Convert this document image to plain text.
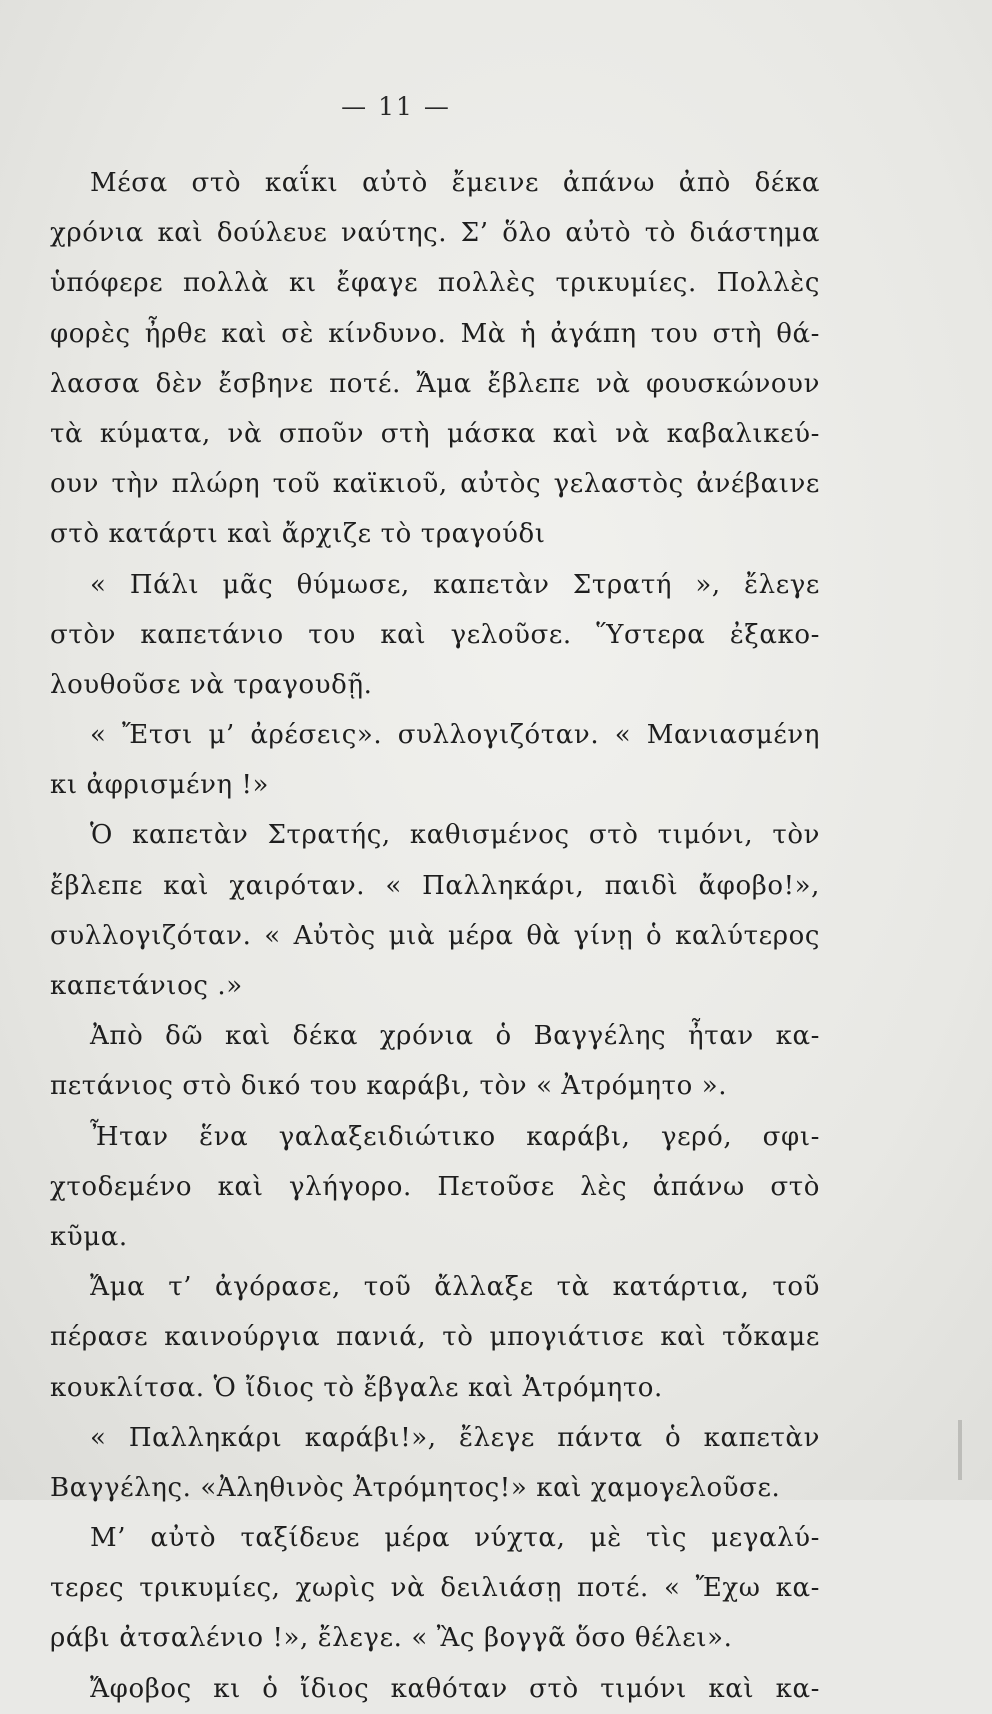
— 11 —
Μέσα στὸ καΐκι αὐτὸ ἔμεινε ἀπάνω ἀπὸ δέκα
χρόνια καὶ δούλευε ναύτης. Σ’ ὅλο αὐτὸ τὸ διάστημα
ὑπόφερε πολλὰ κι ἔφαγε πολλὲς τρικυμίες. Πολλὲς
φορὲς ἦρθε καὶ σὲ κίνδυνο. Μὰ ἡ ἀγάπη του στὴ θά-
λασσα δὲν ἔσβηνε ποτέ. Ἄμα ἔβλεπε νὰ φουσκώνουν
τὰ κύματα, νὰ σποῦν στὴ μάσκα καὶ νὰ καβαλικεύ-
ουν τὴν πλώρη τοῦ καϊκιοῦ, αὐτὸς γελαστὸς ἀνέβαινε
στὸ κατάρτι καὶ ἄρχιζε τὸ τραγούδι
« Πάλι μᾶς θύμωσε, καπετὰν Στρατή », ἔλεγε
στὸν καπετάνιο του καὶ γελοῦσε. Ὕστερα ἐξακο-
λουθοῦσε νὰ τραγουδῇ.
« Ἔτσι μ’ ἀρέσεις». συλλογιζόταν. « Μανιασμένη
κι ἀφρισμένη !»
Ὁ καπετὰν Στρατής, καθισμένος στὸ τιμόνι, τὸν
ἔβλεπε καὶ χαιρόταν. « Παλληκάρι, παιδὶ ἄφοβο!»,
συλλογιζόταν. « Αὐτὸς μιὰ μέρα θὰ γίνῃ ὁ καλύτερος
καπετάνιος .»
Ἀπὸ δῶ καὶ δέκα χρόνια ὁ Βαγγέλης ἦταν κα-
πετάνιος στὸ δικό του καράβι, τὸν « Ἀτρόμητο ».
Ἦταν ἕνα γαλαξειδιώτικο καράβι, γερό, σφι-
χτοδεμένο καὶ γλήγορο. Πετοῦσε λὲς ἀπάνω στὸ
κῦμα.
Ἄμα τ’ ἀγόρασε, τοῦ ἄλλαξε τὰ κατάρτια, τοῦ
πέρασε καινούργια πανιά, τὸ μπογιάτισε καὶ τὄκαμε
κουκλίτσα. Ὁ ἴδιος τὸ ἔβγαλε καὶ Ἀτρόμητο.
« Παλληκάρι καράβι!», ἔλεγε πάντα ὁ καπετὰν
Βαγγέλης. «Ἀληθινὸς Ἀτρόμητος!» καὶ χαμογελοῦσε.
Μ’ αὐτὸ ταξίδευε μέρα νύχτα, μὲ τὶς μεγαλύ-
τερες τρικυμίες, χωρὶς νὰ δειλιάσῃ ποτέ. « Ἔχω κα-
ράβι ἀτσαλένιο !», ἔλεγε. « Ἂς βογγᾶ ὅσο θέλει».
Ἄφοβος κι ὁ ἴδιος καθόταν στὸ τιμόνι καὶ κα-
